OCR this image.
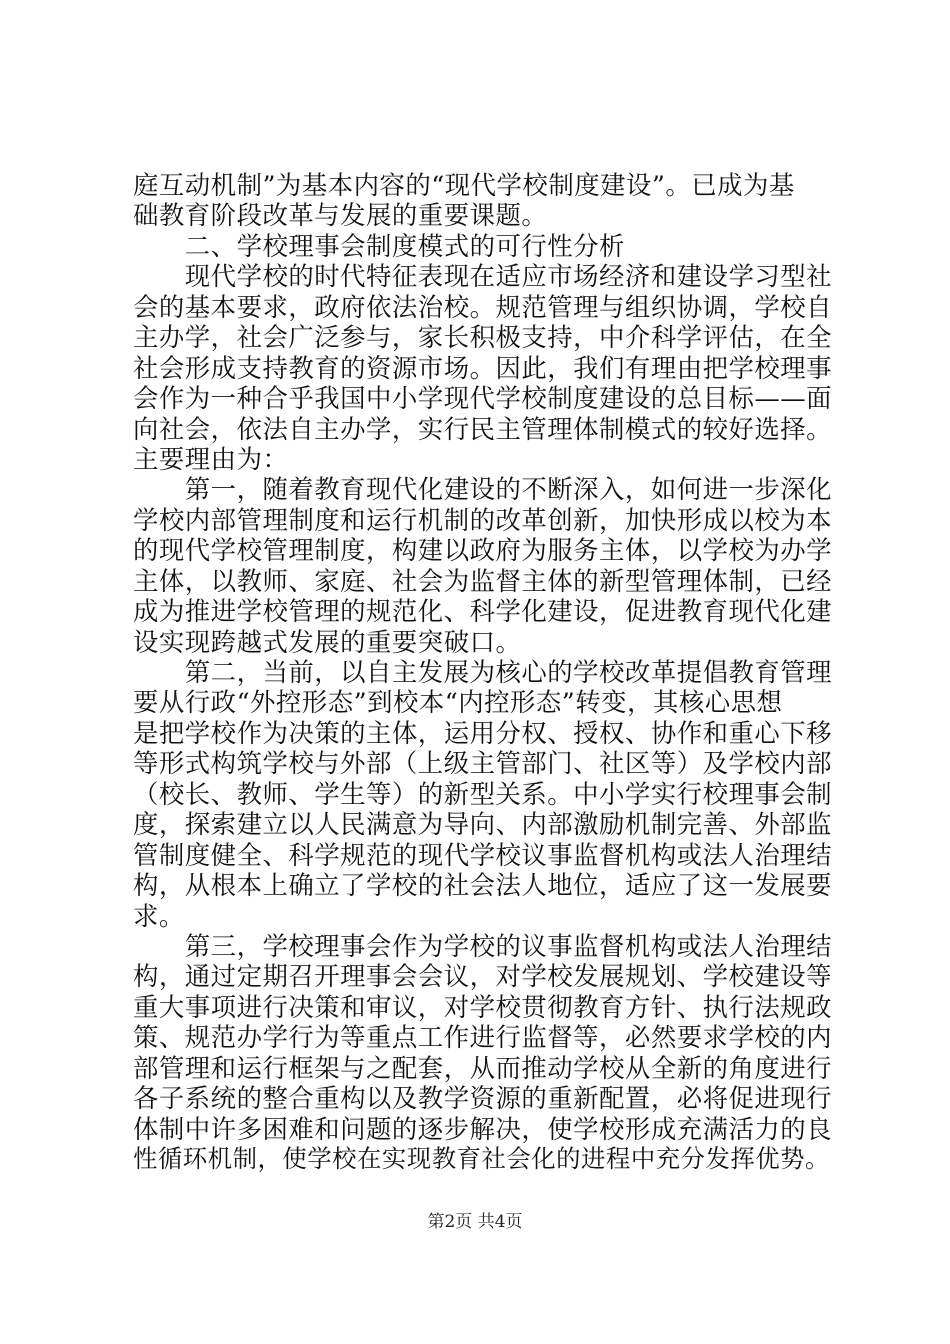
庭互动机制”为基本内容的“现代学校制度建设”。已成为基
础教育阶段改革与发展的重要课题。
　　二、学校理事会制度模式的可行性分析
　　现代学校的时代特征表现在适应市场经济和建设学习型社
会的基本要求，政府依法治校。规范管理与组织协调，学校自
主办学，社会广泛参与，家长积极支持，中介科学评估，在全
社会形成支持教育的资源市场。因此，我们有理由把学校理事
会作为一种合乎我国中小学现代学校制度建设的总目标——面
向社会，依法自主办学，实行民主管理体制模式的较好选择。
主要理由为：
　　第一，随着教育现代化建设的不断深入，如何进一步深化
学校内部管理制度和运行机制的改革创新，加快形成以校为本
的现代学校管理制度，构建以政府为服务主体，以学校为办学
主体，以教师、家庭、社会为监督主体的新型管理体制，已经
成为推进学校管理的规范化、科学化建设，促进教育现代化建
设实现跨越式发展的重要突破口。
　　第二，当前，以自主发展为核心的学校改革提倡教育管理
要从行政“外控形态”到校本“内控形态”转变，其核心思想
是把学校作为决策的主体，运用分权、授权、协作和重心下移
等形式构筑学校与外部（上级主管部门、社区等）及学校内部
（校长、教师、学生等）的新型关系。中小学实行校理事会制
度，探索建立以人民满意为导向、内部激励机制完善、外部监
管制度健全、科学规范的现代学校议事监督机构或法人治理结
构，从根本上确立了学校的社会法人地位，适应了这一发展要
求。
　　第三，学校理事会作为学校的议事监督机构或法人治理结
构，通过定期召开理事会会议，对学校发展规划、学校建设等
重大事项进行决策和审议，对学校贯彻教育方针、执行法规政
策、规范办学行为等重点工作进行监督等，必然要求学校的内
部管理和运行框架与之配套，从而推动学校从全新的角度进行
各子系统的整合重构以及教学资源的重新配置，必将促进现行
体制中许多困难和问题的逐步解决，使学校形成充满活力的良
性循环机制，使学校在实现教育社会化的进程中充分发挥优势。
第2页 共4页
